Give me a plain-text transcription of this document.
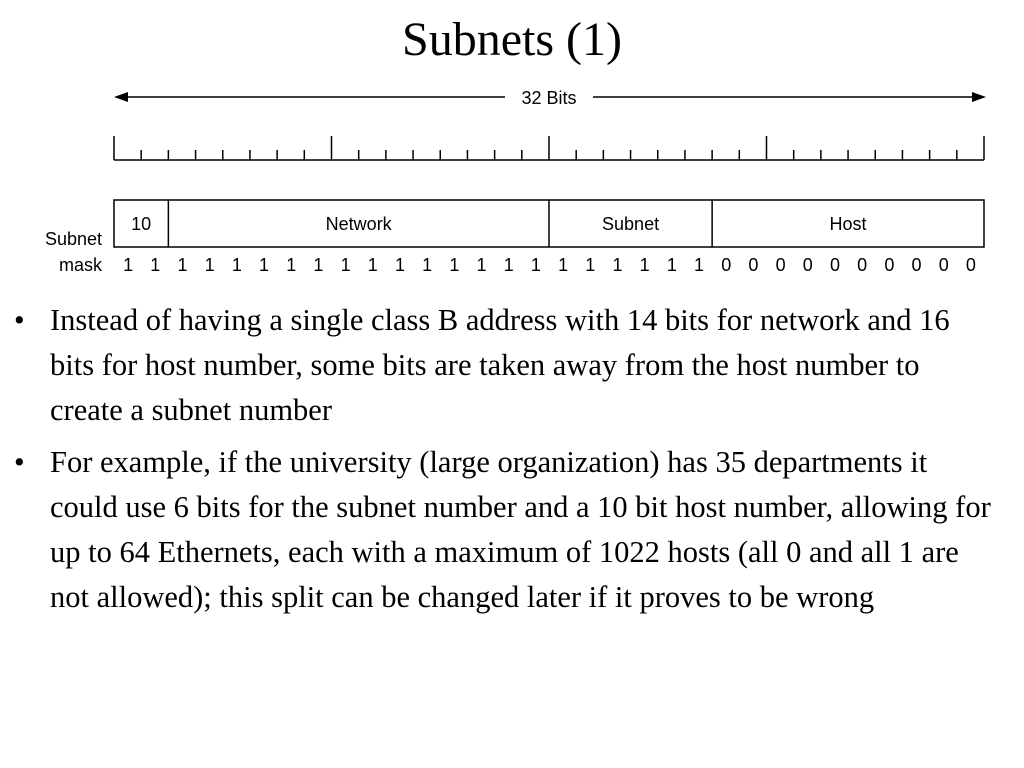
Subnets (1)
32 Bits
10	Network	Subnet	Host
Subnet
mask 1 1 1 1 1 1 1 1 1 1 1 1 1 1 1 1 1 1 1 1 1 1 0 0 0 0 0 0 0 0 0 0
• Instead of having a single class B address with 14 bits for network and 16 bits for host number, some bits are taken away from the host number to create a subnet number
• For example, if the university (large organization) has 35 departments it could use 6 bits for the subnet number and a 10 bit host number, allowing for up to 64 Ethernets, each with a maximum of 1022 hosts (all 0 and all 1 are not allowed); this split can be changed later if it proves to be wrong
